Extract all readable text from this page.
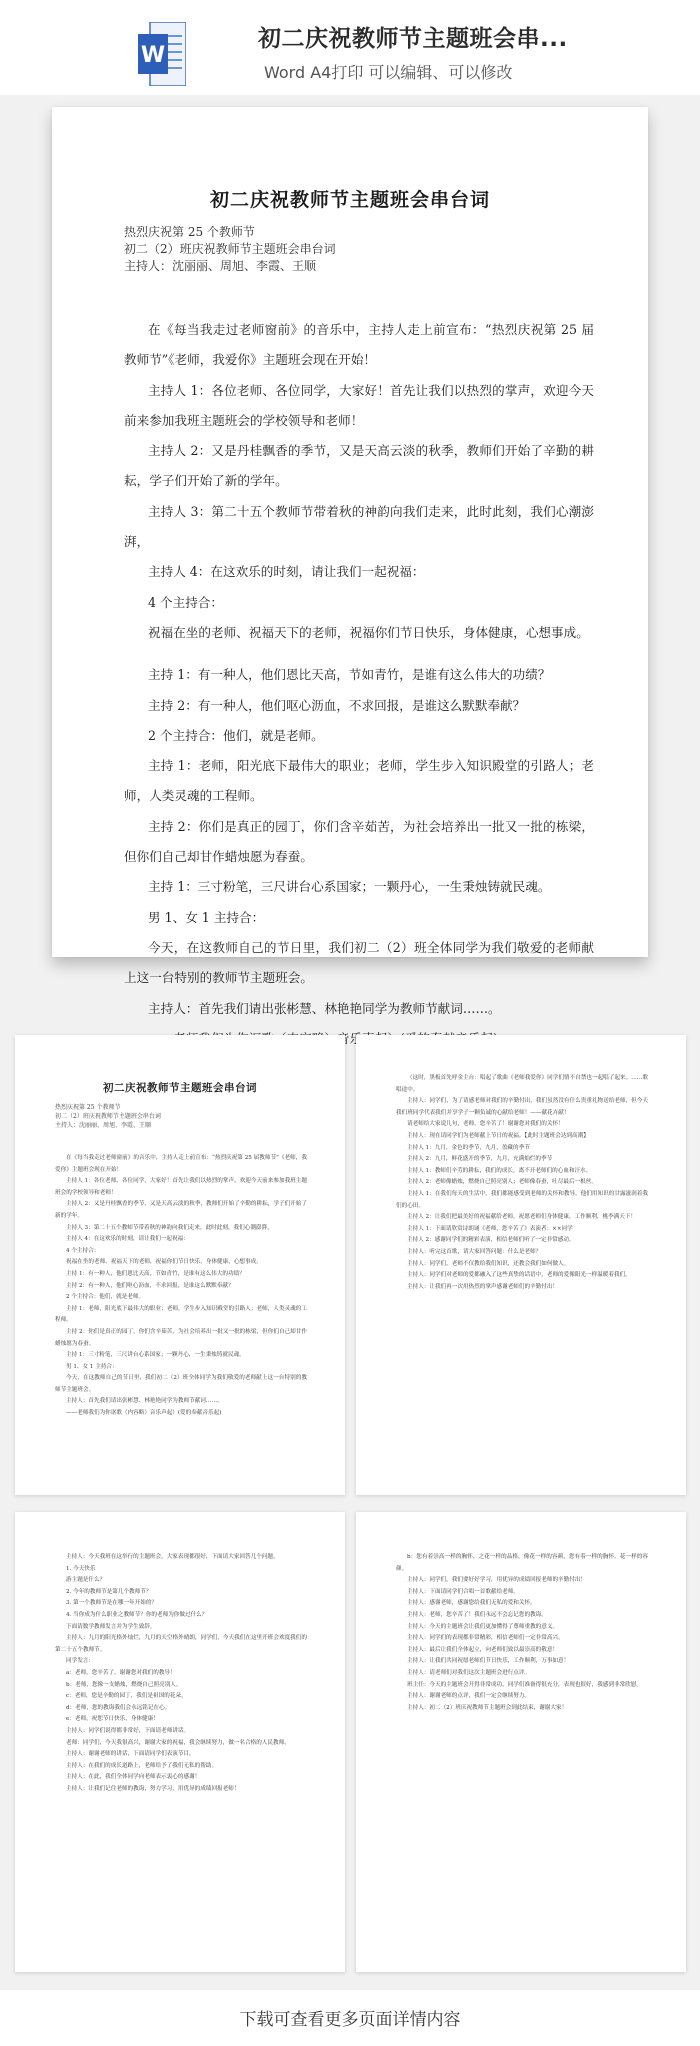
W
初二庆祝教师节主题班会串...
Word A4打印 可以编辑、可以修改
初二庆祝教师节主题班会串台词
热烈庆祝第 25 个教师节
初二（2）班庆祝教师节主题班会串台词
主持人：沈丽丽、周旭、李霞、王顺

在《每当我走过老师窗前》的音乐中，主持人走上前宣布：“热烈庆祝第 25 届教师节”《老师，我爱你》主题班会现在开始！

主持人 1：各位老师、各位同学，大家好！首先让我们以热烈的掌声，欢迎今天前来参加我班主题班会的学校领导和老师！

主持人 2：又是丹桂飘香的季节，又是天高云淡的秋季，教师们开始了辛勤的耕耘，学子们开始了新的学年。

主持人 3：第二十五个教师节带着秋的神韵向我们走来，此时此刻，我们心潮澎湃，

主持人 4：在这欢乐的时刻，请让我们一起祝福：

4 个主持合：

祝福在坐的老师、祝福天下的老师，祝福你们节日快乐，身体健康，心想事成。

主持 1：有一种人，他们恩比天高，节如青竹，是谁有这么伟大的功绩？

主持 2：有一种人，他们呕心沥血，不求回报，是谁这么默默奉献？

2 个主持合：他们，就是老师。

主持 1：老师，阳光底下最伟大的职业；老师，学生步入知识殿堂的引路人；老师，人类灵魂的工程师。

主持 2：你们是真正的园丁，你们含辛茹苦，为社会培养出一批又一批的栋梁，但你们自己却甘作蜡烛愿为春蚕。

主持 1：三寸粉笔，三尺讲台心系国家；一颗丹心，一生秉烛铸就民魂。

男 1、女 1 主持合：

今天，在这教师自己的节日里，我们初二（2）班全体同学为我们敬爱的老师献上这一台特别的教师节主题班会。

主持人：首先我们请出张彬慧、林艳艳同学为教师节献词……。

初二庆祝教师节主题班会串台词
热烈庆祝第 25 个教师节
初二（2）班庆祝教师节主题班会串台词
主持人：沈丽丽、周旭、李霞、王顺

在《每当我走过老师窗前》的音乐中，主持人走上前宣布：“热烈庆祝第 25 届教师节”《老师，我爱你》主题班会现在开始！

主持人 1：各位老师、各位同学，大家好！首先让我们以热烈的掌声，欢迎今天前来参加我班主题班会的学校领导和老师！

主持人 2：又是丹桂飘香的季节，又是天高云淡的秋季，教师们开始了辛勤的耕耘，学子们开始了新的学年。

主持人 3：第二十五个教师节带着秋的神韵向我们走来，此时此刻，我们心潮澎湃，

主持人 4：在这欢乐的时刻，请让我们一起祝福：

4 个主持合：

祝福在坐的老师、祝福天下的老师，祝福你们节日快乐，身体健康，心想事成。

主持 1：有一种人，他们恩比天高，节如青竹，是谁有这么伟大的功绩？

主持 2：有一种人，他们呕心沥血，不求回报，是谁这么默默奉献？

2 个主持合：他们，就是老师。

主持 1：老师，阳光底下最伟大的职业；老师，学生步入知识殿堂的引路人；老师，人类灵魂的工程师。

主持 2：你们是真正的园丁，你们含辛茹苦，为社会培养出一批又一批的栋梁，但你们自己却甘作蜡烛愿为春蚕。

主持 1：三寸粉笔，三尺讲台心系国家；一颗丹心，一生秉烛铸就民魂。

男 1、女 1 主持合：

今天，在这教师自己的节日里，我们初二（2）班全体同学为我们敬爱的老师献上这一台特别的教师节主题班会。

主持人：首先我们请出张彬慧、林艳艳同学为教师节献词……。

——老师我们为你讴歌（内容略）音乐声起）(爱的奉献音乐起)

（这时，黑板首先呼金主台：唱起了歌曲《老师我爱你》同学们情不自禁也一起唱了起来。……歌唱途中。

主持人：同学们，为了请感老师对我们的辛勤付出，我们虽然没有什么贵重礼物送给老师，但今天我们班同学代表我们并享学子一颗负诚的心献给老师！——献花卉献！

请老师给大家说几句，老师，您辛苦了！谢谢您对我们的关怀！

主持人：现在请同学们为老师献上节日的祝福。【此时主题班会达到高潮】

主持人 1：九月，金色的季节，九月，盈藏的季节

主持人 2：九月，鲜花盛开的季节，九月，充满灿烂的季节

主持人 1：教师们辛劳的耕耘，我们的成长，离不开老师们的心血和汗水。

主持人 2：老师像蜡烛，燃烧自己照亮别人；老师像春蚕，吐尽最后一根丝。

主持人 1：在我们每天的生活中，我们都能感受到老师的关怀和教导，他们用知识的甘露滋润着我们的心田。

主持人 2：让我们把最美好的祝福献给老师，祝愿老师们身体健康，工作顺利，桃李满天下！

主持人 1：下面请欣赏诗朗诵《老师，您辛苦了》表演者：××同学

主持人 2：感谢同学们的精彩表演，相信老师们听了一定非常感动。

主持人：听完这首歌，请大家回答问题：什么是老师？

主持人：同学们，老师不仅教给我们知识，还教会我们如何做人。

主持人：同学们对老师的爱都融入了这些真挚的话语中，老师的爱像阳光一样温暖着我们。

主持人：让我们再一次用热烈的掌声感谢老师们的辛勤付出！

主持人：今天我班在这举行的主题班会，大家表现都很好，下面请大家回答几个问题。

1. 今天快乐

游主题是什么？

2. 今年的教师节是第几个教师节？

3. 第一个教师节是在哪一年开始的？

4. 当你成为什么职业之教师节？你的老师为你做过什么？

下面请数学教师发言并为学生致辞。

主持人：九月的阳光格外灿烂，九月的天空格外晴朗，同学们，今天我们在这里开班会欢度我们的第二十五个教师节。

同学发言：

a：老师，您辛苦了，谢谢您对我们的教导！

b：老师，您像一支蜡烛，燃烧自己照亮别人。

c：老师，您是辛勤的园丁，我们是祖国的花朵。

d：老师，您的教诲我们会永远铭记在心。

e：老师，祝您节日快乐，身体健康！

主持人：同学们说得都非常好，下面请老师讲话。

老师：同学们，今天我很高兴，谢谢大家的祝福，我会继续努力，做一名合格的人民教师。

主持人：谢谢老师的讲话，下面请同学们表演节目。

主持人：在我们的成长道路上，老师给予了我们无私的帮助。

主持人：在此，我们全体同学向老师表示衷心的感谢！

主持人：让我们记住老师的教诲，努力学习，用优异的成绩回报老师！

b：您有着崇高一样的胸怀，之花一样的品格，像花一样的容颜，您有着一样的胸怀，花一样的容颜。

主持人：同学们，我们要好好学习，用优异的成绩回报老师的辛勤付出！

主持人：下面请同学们合唱一首歌献给老师。

主持人：感谢老师，感谢您给我们无私的爱和关怀。

主持人：老师，您辛苦了！我们永远不会忘记您的教诲。

主持人：今天的主题班会让我们更加懂得了尊师重教的意义。

主持人：同学们的表现都非常精彩，相信老师们一定非常高兴。

主持人：最后让我们全体起立，向老师们致以最崇高的敬意！

主持人：让我们共同祝愿老师们节日快乐，工作顺利，万事如意！

主持人：请老师们对我们这次主题班会进行点评。

班主任：今天的主题班会开得非常成功，同学们准备得很充分，表现也很好，我感到非常欣慰。

主持人：谢谢老师的点评，我们一定会继续努力。

主持人：初二（2）班庆祝教师节主题班会到此结束，谢谢大家！

下载可查看更多页面详情内容
